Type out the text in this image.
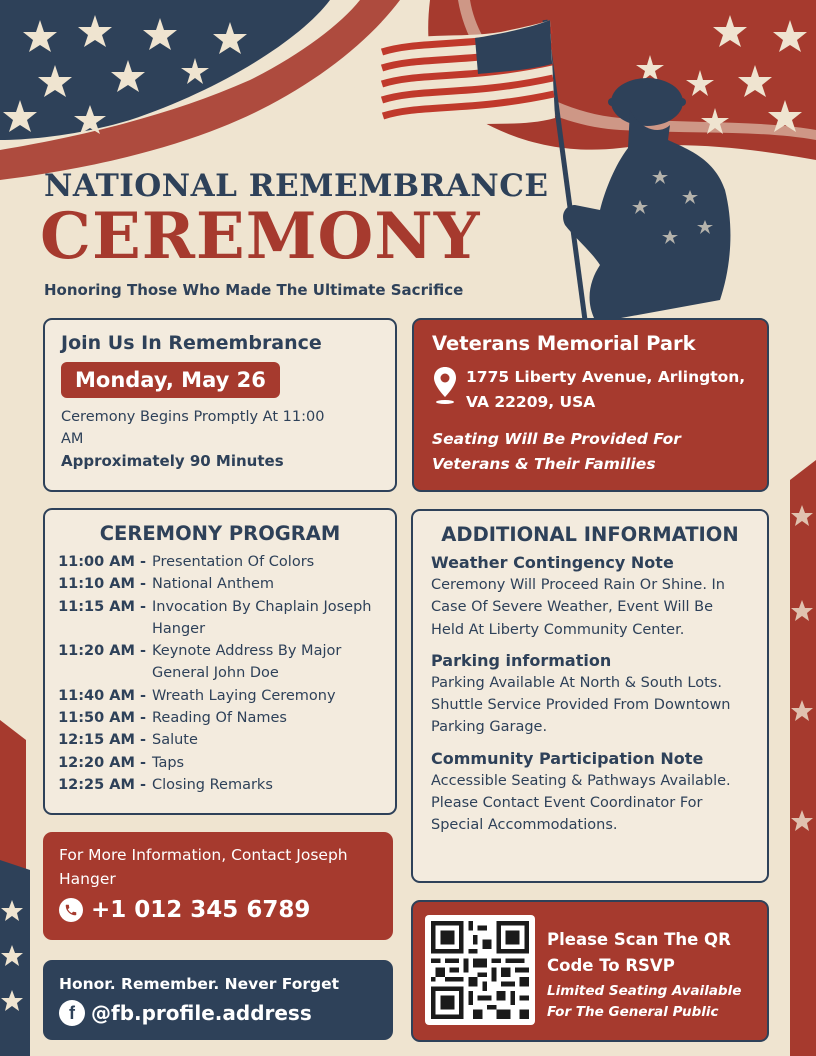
NATIONAL REMEMBRANCE
CEREMONY
Honoring Those Who Made The Ultimate Sacrifice
Join Us In Remembrance
Monday, May 26
Ceremony Begins Promptly At 11:00 AM
Approximately 90 Minutes
Veterans Memorial Park
1775 Liberty Avenue, Arlington, VA 22209, USA
Seating Will Be Provided For Veterans & Their Families
CEREMONY PROGRAM
11:00 AM - Presentation Of Colors
11:10 AM - National Anthem
11:15 AM - Invocation By Chaplain Joseph Hanger
11:20 AM - Keynote Address By Major General John Doe
11:40 AM - Wreath Laying Ceremony
11:50 AM - Reading Of Names
12:15 AM - Salute
12:20 AM - Taps
12:25 AM - Closing Remarks
ADDITIONAL INFORMATION
Weather Contingency Note
Ceremony Will Proceed Rain Or Shine. In Case Of Severe Weather, Event Will Be Held At Liberty Community Center.
Parking information
Parking Available At North & South Lots. Shuttle Service Provided From Downtown Parking Garage.
Community Participation Note
Accessible Seating & Pathways Available. Please Contact Event Coordinator For Special Accommodations.
For More Information, Contact Joseph Hanger
+1 012 345 6789
Honor. Remember. Never Forget
f @fb.profile.address
Please Scan The QR Code To RSVP
Limited Seating Available For The General Public
